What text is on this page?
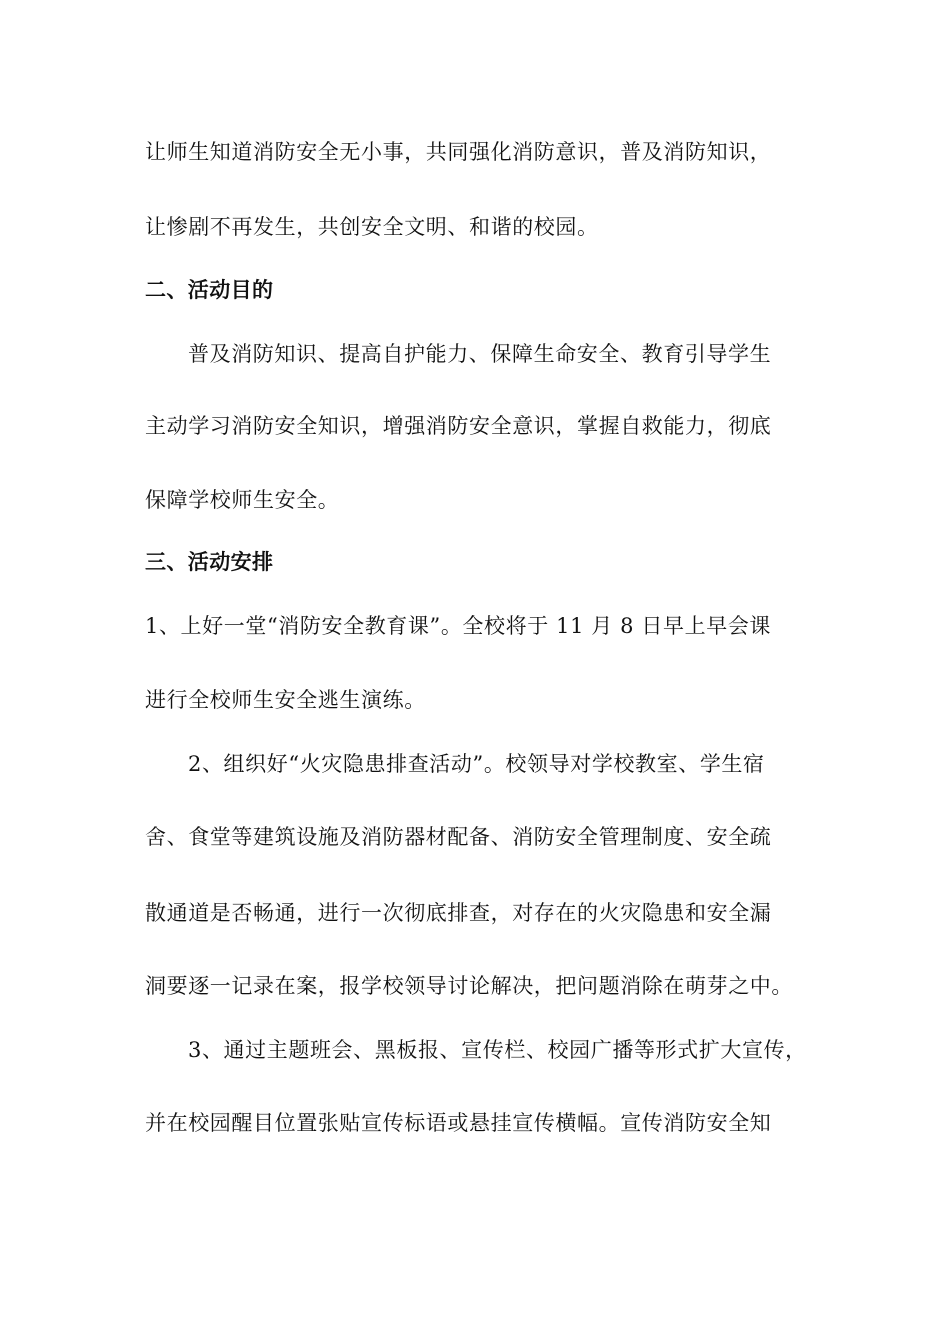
让师生知道消防安全无小事，共同强化消防意识，普及消防知识，
让惨剧不再发生，共创安全文明、和谐的校园。
二、活动目的
普及消防知识、提高自护能力、保障生命安全、教育引导学生
主动学习消防安全知识，增强消防安全意识，掌握自救能力，彻底
保障学校师生安全。
三、活动安排
1、上好一堂“消防安全教育课”。全校将于 11 月 8 日早上早会课
进行全校师生安全逃生演练。
2、组织好“火灾隐患排查活动”。校领导对学校教室、学生宿
舍、食堂等建筑设施及消防器材配备、消防安全管理制度、安全疏
散通道是否畅通，进行一次彻底排查，对存在的火灾隐患和安全漏
洞要逐一记录在案，报学校领导讨论解决，把问题消除在萌芽之中。
3、通过主题班会、黑板报、宣传栏、校园广播等形式扩大宣传，
并在校园醒目位置张贴宣传标语或悬挂宣传横幅。宣传消防安全知
